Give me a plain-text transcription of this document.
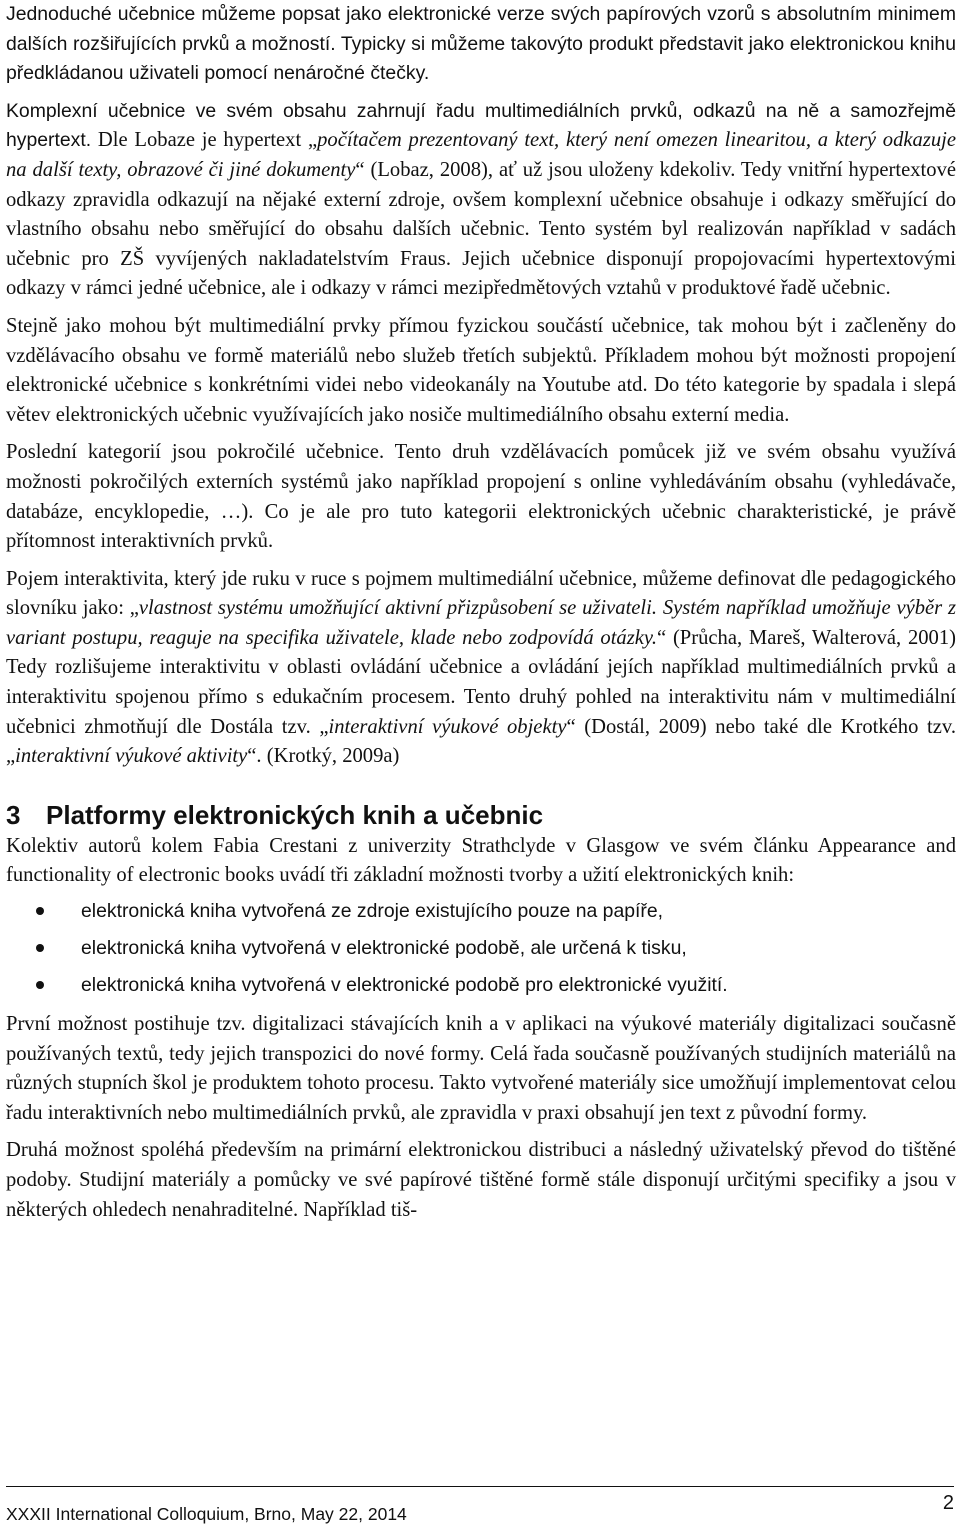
Jednoduché učebnice můžeme popsat jako elektronické verze svých papírových vzorů s absolutním minimem dalších rozšiřujících prvků a možností. Typicky si můžeme takovýto produkt představit jako elektronickou knihu předkládanou uživateli pomocí nenáročné čtečky.

Komplexní učebnice ve svém obsahu zahrnují řadu multimediálních prvků, odkazů na ně a samozřejmě hypertext. Dle Lobaze je hypertext „počítačem prezentovaný text, který není omezen linearitou, a který odkazuje na další texty, obrazové či jiné dokumenty“ (Lobaz, 2008), ať už jsou uloženy kdekoliv. Tedy vnitřní hypertextové odkazy zpravidla odkazují na nějaké externí zdroje, ovšem komplexní učebnice obsahuje i odkazy směřující do vlastního obsahu nebo směřující do obsahu dalších učebnic. Tento systém byl realizován například v sadách učebnic pro ZŠ vyvíjených nakladatelstvím Fraus. Jejich učebnice disponují propojovacími hypertextovými odkazy v rámci jedné učebnice, ale i odkazy v rámci mezipředmětových vztahů v produktové řadě učebnic.

Stejně jako mohou být multimediální prvky přímou fyzickou součástí učebnice, tak mohou být i začleněny do vzdělávacího obsahu ve formě materiálů nebo služeb třetích subjektů. Příkladem mohou být možnosti propojení elektronické učebnice s konkrétními videi nebo videokanály na Youtube atd. Do této kategorie by spadala i slepá větev elektronických učebnic využívajících jako nosiče multimediálního obsahu externí media.

Poslední kategorií jsou pokročilé učebnice. Tento druh vzdělávacích pomůcek již ve svém obsahu využívá možnosti pokročilých externích systémů jako například propojení s online vyhledáváním obsahu (vyhledávače, databáze, encyklopedie, …). Co je ale pro tuto kategorii elektronických učebnic charakteristické, je právě přítomnost interaktivních prvků.

Pojem interaktivita, který jde ruku v ruce s pojmem multimediální učebnice, můžeme definovat dle pedagogického slovníku jako: „vlastnost systému umožňující aktivní přizpůsobení se uživateli. Systém například umožňuje výběr z variant postupu, reaguje na specifika uživatele, klade nebo zodpovídá otázky.“ (Průcha, Mareš, Walterová, 2001) Tedy rozlišujeme interaktivitu v oblasti ovládání učebnice a ovládání jejích například multimediálních prvků a interaktivitu spojenou přímo s edukačním procesem. Tento druhý pohled na interaktivitu nám v multimediální učebnici zhmotňují dle Dostála tzv. „interaktivní výukové objekty“ (Dostál, 2009) nebo také dle Krotkého tzv. „interaktivní výukové aktivity“. (Krotký, 2009a)

3 Platformy elektronických knih a učebnic

Kolektiv autorů kolem Fabia Crestani z univerzity Strathclyde v Glasgow ve svém článku Appearance and functionality of electronic books uvádí tři základní možnosti tvorby a užití elektronických knih:

elektronická kniha vytvořená ze zdroje existujícího pouze na papíře,
elektronická kniha vytvořená v elektronické podobě, ale určená k tisku,
elektronická kniha vytvořená v elektronické podobě pro elektronické využití.

První možnost postihuje tzv. digitalizaci stávajících knih a v aplikaci na výukové materiály digitalizaci současně používaných textů, tedy jejich transpozici do nové formy. Celá řada současně používaných studijních materiálů na různých stupních škol je produktem tohoto procesu. Takto vytvořené materiály sice umožňují implementovat celou řadu interaktivních nebo multimediálních prvků, ale zpravidla v praxi obsahují jen text z původní formy.

Druhá možnost spoléhá především na primární elektronickou distribuci a následný uživatelský převod do tištěné podoby. Studijní materiály a pomůcky ve své papírové tištěné formě stále disponují určitými specifiky a jsou v některých ohledech nenahraditelné. Například tiš-

XXXII International Colloquium, Brno, May 22, 2014	2
